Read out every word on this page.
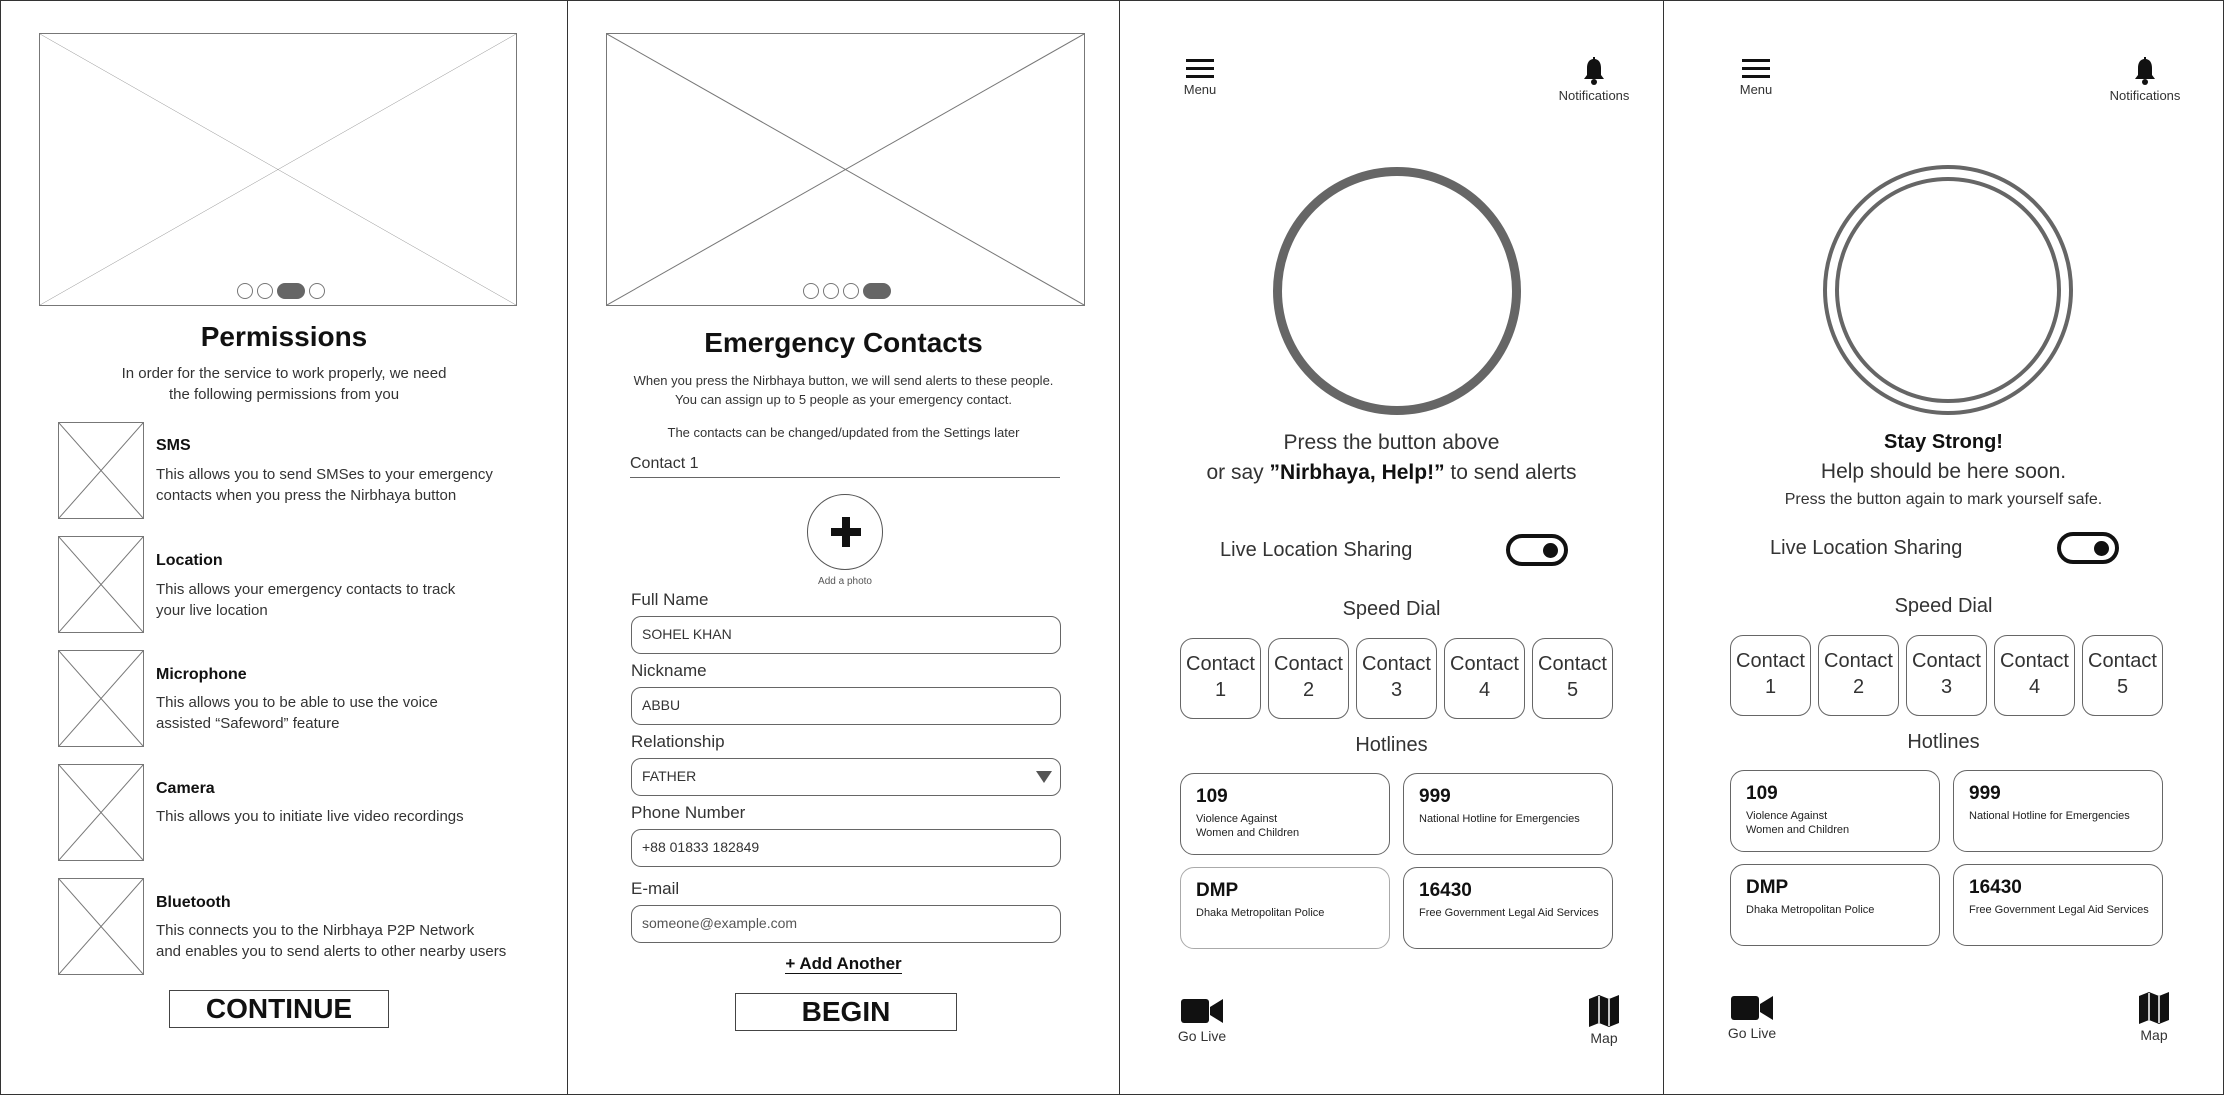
Permissions
In order for the service to work properly, we need
the following permissions from you
SMS
This allows you to send SMSes to your emergency
contacts when you press the Nirbhaya button
Location
This allows your emergency contacts to track
your live location
Microphone
This allows you to be able to use the voice
assisted “Safeword” feature
Camera
This allows you to initiate live video recordings
Bluetooth
This connects you to the Nirbhaya P2P Network
and enables you to send alerts to other nearby users
CONTINUE
Emergency Contacts
When you press the Nirbhaya button, we will send alerts to these people.
You can assign up to 5 people as your emergency contact.
The contacts can be changed/updated from the Settings later
Contact 1
Add a photo
Full Name
SOHEL KHAN
Nickname
ABBU
Relationship
FATHER
Phone Number
+88 01833 182849
E-mail
someone@example.com
+ Add Another
BEGIN
Menu	Notifications
Press the button above
or say ”Nirbhaya, Help!” to send alerts
Live Location Sharing
Speed Dial
Contact
1
Contact
2
Contact
3
Contact
4
Contact
5
Hotlines
109
Violence Against
Women and Children
999
National Hotline for Emergencies
DMP
Dhaka Metropolitan Police
16430
Free Government Legal Aid Services
Go Live	Map
Menu	Notifications
Stay Strong!
Help should be here soon.
Press the button again to mark yourself safe.
Live Location Sharing
Speed Dial
Contact
1
Contact
2
Contact
3
Contact
4
Contact
5
Hotlines
109
Violence Against
Women and Children
999
National Hotline for Emergencies
DMP
Dhaka Metropolitan Police
16430
Free Government Legal Aid Services
Go Live	Map
